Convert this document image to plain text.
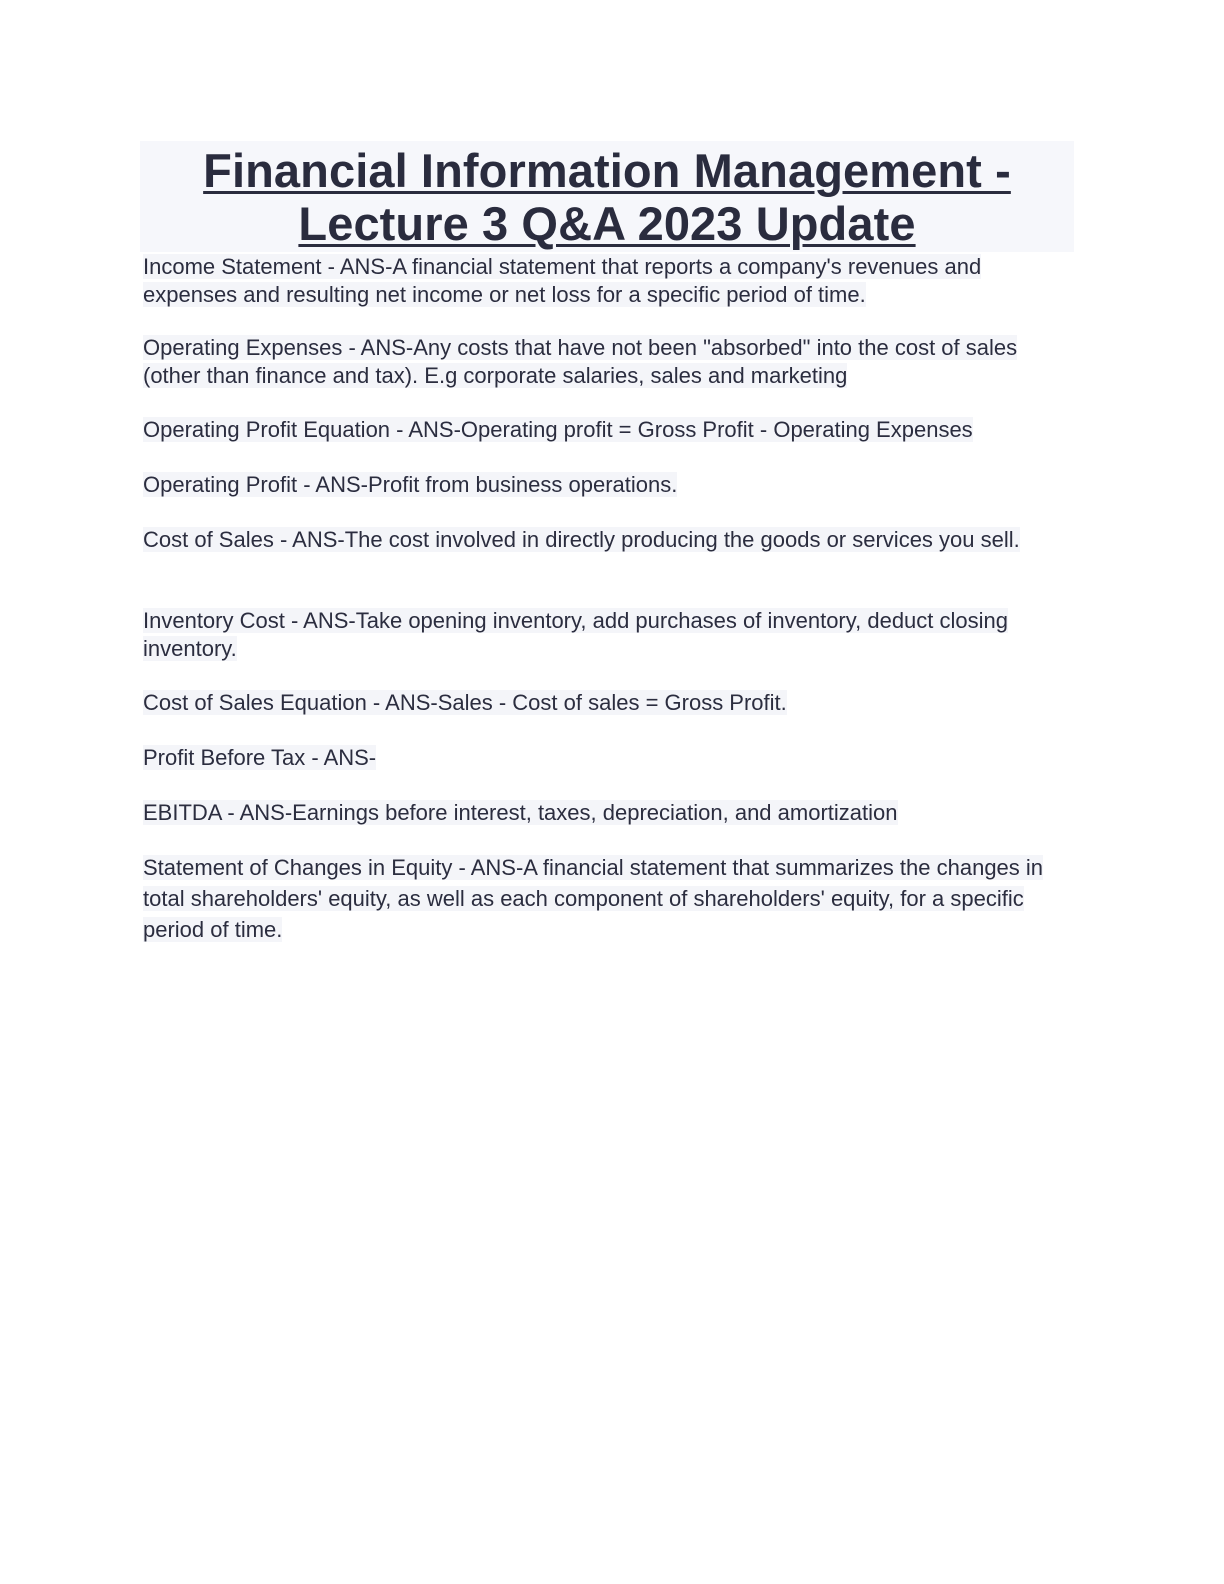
Financial Information Management -
Lecture 3 Q&A 2023 Update
Income Statement - ANS-A financial statement that reports a company's revenues and expenses and resulting net income or net loss for a specific period of time.
Operating Expenses - ANS-Any costs that have not been "absorbed" into the cost of sales (other than finance and tax). E.g corporate salaries, sales and marketing
Operating Profit Equation - ANS-Operating profit = Gross Profit - Operating Expenses
Operating Profit - ANS-Profit from business operations.
Cost of Sales - ANS-The cost involved in directly producing the goods or services you sell.
Inventory Cost - ANS-Take opening inventory, add purchases of inventory, deduct closing inventory.
Cost of Sales Equation - ANS-Sales - Cost of sales = Gross Profit.
Profit Before Tax - ANS-
EBITDA - ANS-Earnings before interest, taxes, depreciation, and amortization
Statement of Changes in Equity - ANS-A financial statement that summarizes the changes in total shareholders' equity, as well as each component of shareholders' equity, for a specific period of time.
